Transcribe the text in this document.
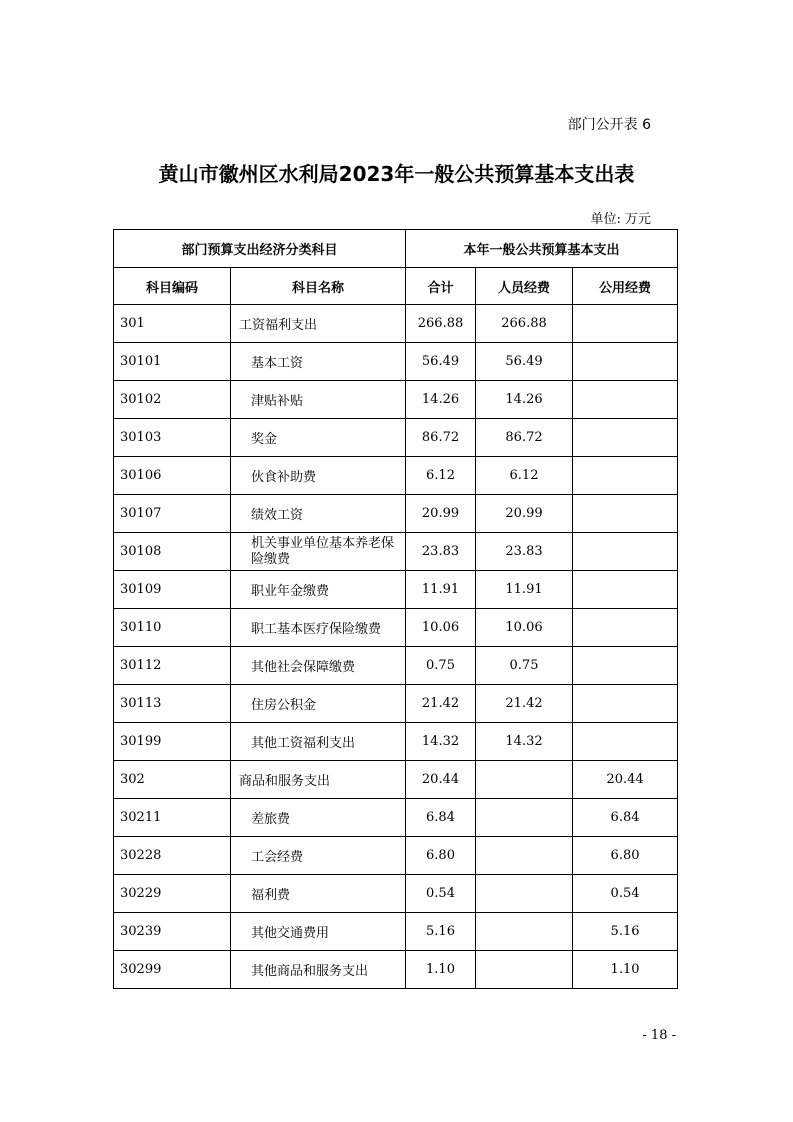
部门公开表 6
黄山市徽州区水利局2023年一般公共预算基本支出表
单位: 万元
部门预算支出经济分类科目		本年一般公共预算基本支出		
科目编码	科目名称	合计	人员经费	公用经费
301	工资福利支出	266.88	266.88	
30101	基本工资	56.49	56.49	
30102	津贴补贴	14.26	14.26	
30103	奖金	86.72	86.72	
30106	伙食补助费	6.12	6.12	
30107	绩效工资	20.99	20.99	
30108	机关事业单位基本养老保险缴费	23.83	23.83	
30109	职业年金缴费	11.91	11.91	
30110	职工基本医疗保险缴费	10.06	10.06	
30112	其他社会保障缴费	0.75	0.75	
30113	住房公积金	21.42	21.42	
30199	其他工资福利支出	14.32	14.32	
302	商品和服务支出	20.44		20.44
30211	差旅费	6.84		6.84
30228	工会经费	6.80		6.80
30229	福利费	0.54		0.54
30239	其他交通费用	5.16		5.16
30299	其他商品和服务支出	1.10		1.10
- 18 -
